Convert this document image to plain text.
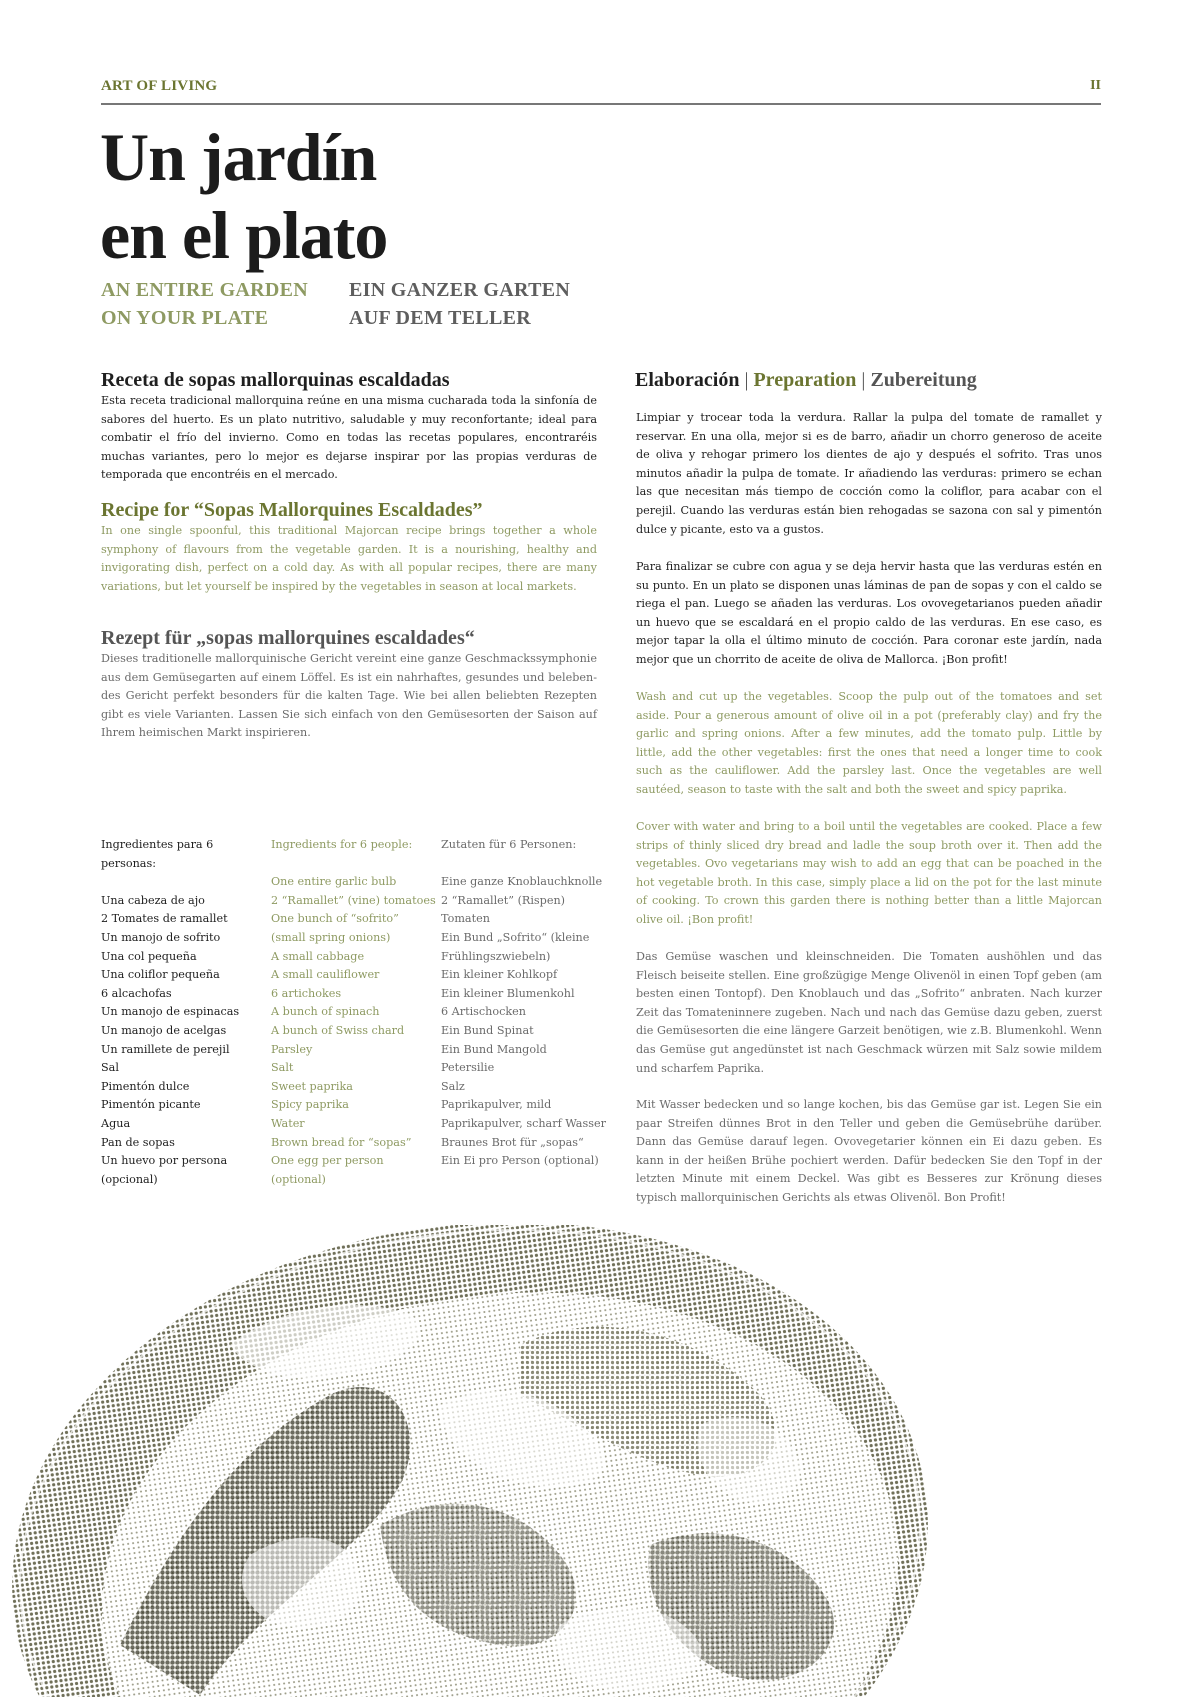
ART OF LIVING	II
Un jardín
en el plato
AN ENTIRE GARDEN
ON YOUR PLATE
EIN GANZER GARTEN
AUF DEM TELLER
Receta de sopas mallorquinas escaldadas
Esta receta tradicional mallorquina reúne en una misma cucharada toda la sinfonía de sabores del huerto. Es un plato nutritivo, saludable y muy reconfortante; ideal para combatir el frío del invierno. Como en todas las recetas populares, encontraréis muchas variantes, pero lo mejor es dejarse inspirar por las propias verduras de temporada que encontréis en el mercado.
Recipe for “Sopas Mallorquines Escaldades”
In one single spoonful, this traditional Majorcan recipe brings together a whole symphony of flavours from the vegetable garden. It is a nourishing, healthy and invigorating dish, perfect on a cold day. As with all popular recipes, there are many variations, but let yourself be inspired by the vegetables in season at local markets.
Rezept für „sopas mallorquines escaldades“
Dieses traditionelle mallorquinische Gericht vereint eine ganze Geschmackssymphonie aus dem Gemüsegarten auf einem Löffel. Es ist ein nahrhaftes, gesundes und belebendes Gericht perfekt besonders für die kalten Tage. Wie bei allen beliebten Rezepten gibt es viele Varianten. Lassen Sie sich einfach von den Gemüsesorten der Saison auf Ihrem heimischen Markt inspirieren.
Ingredientes para 6 personas:
Una cabeza de ajo
2 Tomates de ramallet
Un manojo de sofrito
Una col pequeña
Una coliflor pequeña
6 alcachofas
Un manojo de espinacas
Un manojo de acelgas
Un ramillete de perejil
Sal
Pimentón dulce
Pimentón picante
Agua
Pan de sopas
Un huevo por persona (opcional)
Ingredients for 6 people:
One entire garlic bulb
2 “Ramallet” (vine) tomatoes
One bunch of “sofrito” (small spring onions)
A small cabbage
A small cauliflower
6 artichokes
A bunch of spinach
A bunch of Swiss chard
Parsley
Salt
Sweet paprika
Spicy paprika
Water
Brown bread for “sopas”
One egg per person (optional)
Zutaten für 6 Personen:
Eine ganze Knoblauchknolle
2 “Ramallet” (Rispen) Tomaten
Ein Bund „Sofrito“ (kleine Frühlingszwiebeln)
Ein kleiner Kohlkopf
Ein kleiner Blumenkohl
6 Artischocken
Ein Bund Spinat
Ein Bund Mangold
Petersilie
Salz
Paprikapulver, mild
Paprikapulver, scharf Wasser
Braunes Brot für „sopas“ Ein Ei pro Person (optional)
Elaboración | Preparation | Zubereitung
Limpiar y trocear toda la verdura. Rallar la pulpa del tomate de ramallet y reservar. En una olla, mejor si es de barro, añadir un chorro generoso de aceite de oliva y rehogar primero los dientes de ajo y después el sofrito. Tras unos minutos añadir la pulpa de tomate. Ir añadiendo las verduras: primero se echan las que necesitan más tiempo de cocción como la coliflor, para acabar con el perejil. Cuando las verduras están bien rehogadas se sazona con sal y pimentón dulce y picante, esto va a gustos.
Para finalizar se cubre con agua y se deja hervir hasta que las verduras estén en su punto. En un plato se disponen unas láminas de pan de sopas y con el caldo se riega el pan. Luego se añaden las verduras. Los ovovegetarianos pueden añadir un huevo que se escaldará en el propio caldo de las verduras. En ese caso, es mejor tapar la olla el último minuto de cocción. Para coronar este jardín, nada mejor que un chorrito de aceite de oliva de Mallorca. ¡Bon profit!
Wash and cut up the vegetables. Scoop the pulp out of the tomatoes and set aside. Pour a generous amount of olive oil in a pot (preferably clay) and fry the garlic and spring onions. After a few minutes, add the tomato pulp. Little by little, add the other vegetables: first the ones that need a longer time to cook such as the cauliflower. Add the parsley last. Once the vegetables are well sautéed, season to taste with the salt and both the sweet and spicy paprika.
Cover with water and bring to a boil until the vegetables are cooked. Place a few strips of thinly sliced dry bread and ladle the soup broth over it. Then add the vegetables. Ovo vegetarians may wish to add an egg that can be poached in the hot vegetable broth. In this case, simply place a lid on the pot for the last minute of cooking. To crown this garden there is nothing better than a little Majorcan olive oil. ¡Bon profit!
Das Gemüse waschen und kleinschneiden. Die Tomaten aushöhlen und das Fleisch beiseite stellen. Eine großzügige Menge Olivenöl in einen Topf geben (am besten einen Tontopf). Den Knoblauch und das „Sofrito“ anbraten. Nach kurzer Zeit das Tomateninnere zugeben. Nach und nach das Gemüse dazu geben, zuerst die Gemüsesorten die eine längere Garzeit benötigen, wie z.B. Blumenkohl. Wenn das Gemüse gut angedünstet ist nach Geschmack würzen mit Salz sowie mildem und scharfem Paprika.
Mit Wasser bedecken und so lange kochen, bis das Gemüse gar ist. Legen Sie ein paar Streifen dünnes Brot in den Teller und geben die Gemüsebrühe darüber. Dann das Gemüse darauf legen. Ovovegetarier können ein Ei dazu geben. Es kann in der heißen Brühe pochiert werden. Dafür bedecken Sie den Topf in der letzten Minute mit einem Deckel. Was gibt es Besseres zur Krönung dieses typisch mallorquinischen Gerichts als etwas Olivenöl. Bon Profit!
